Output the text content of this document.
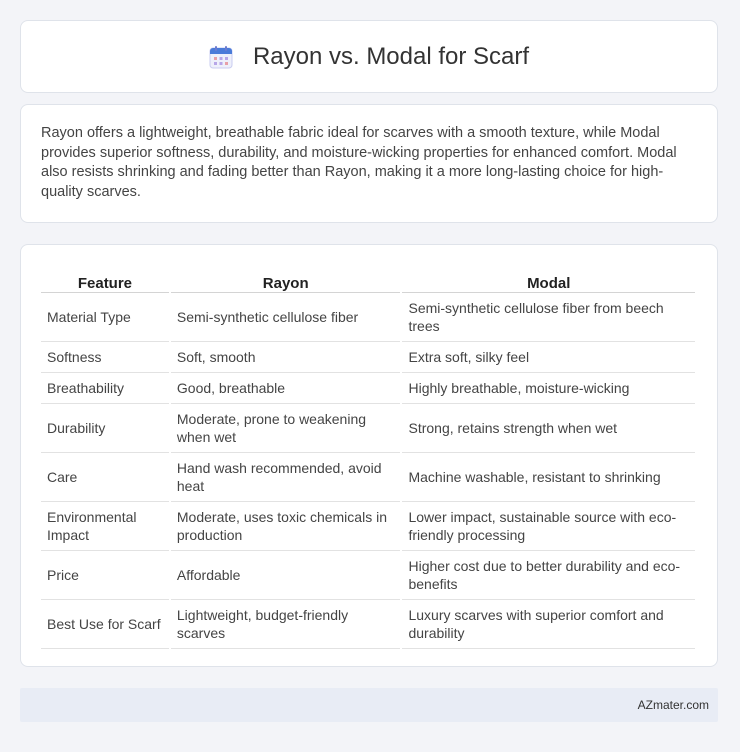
Rayon vs. Modal for Scarf

Rayon offers a lightweight, breathable fabric ideal for scarves with a smooth texture, while Modal provides superior softness, durability, and moisture-wicking properties for enhanced comfort. Modal also resists shrinking and fading better than Rayon, making it a more long-lasting choice for high-quality scarves.

Feature	Rayon	Modal
Material Type	Semi-synthetic cellulose fiber	Semi-synthetic cellulose fiber from beech trees
Softness	Soft, smooth	Extra soft, silky feel
Breathability	Good, breathable	Highly breathable, moisture-wicking
Durability	Moderate, prone to weakening when wet	Strong, retains strength when wet
Care	Hand wash recommended, avoid heat	Machine washable, resistant to shrinking
Environmental Impact	Moderate, uses toxic chemicals in production	Lower impact, sustainable source with eco-friendly processing
Price	Affordable	Higher cost due to better durability and eco-benefits
Best Use for Scarf	Lightweight, budget-friendly scarves	Luxury scarves with superior comfort and durability
AZmater.com
